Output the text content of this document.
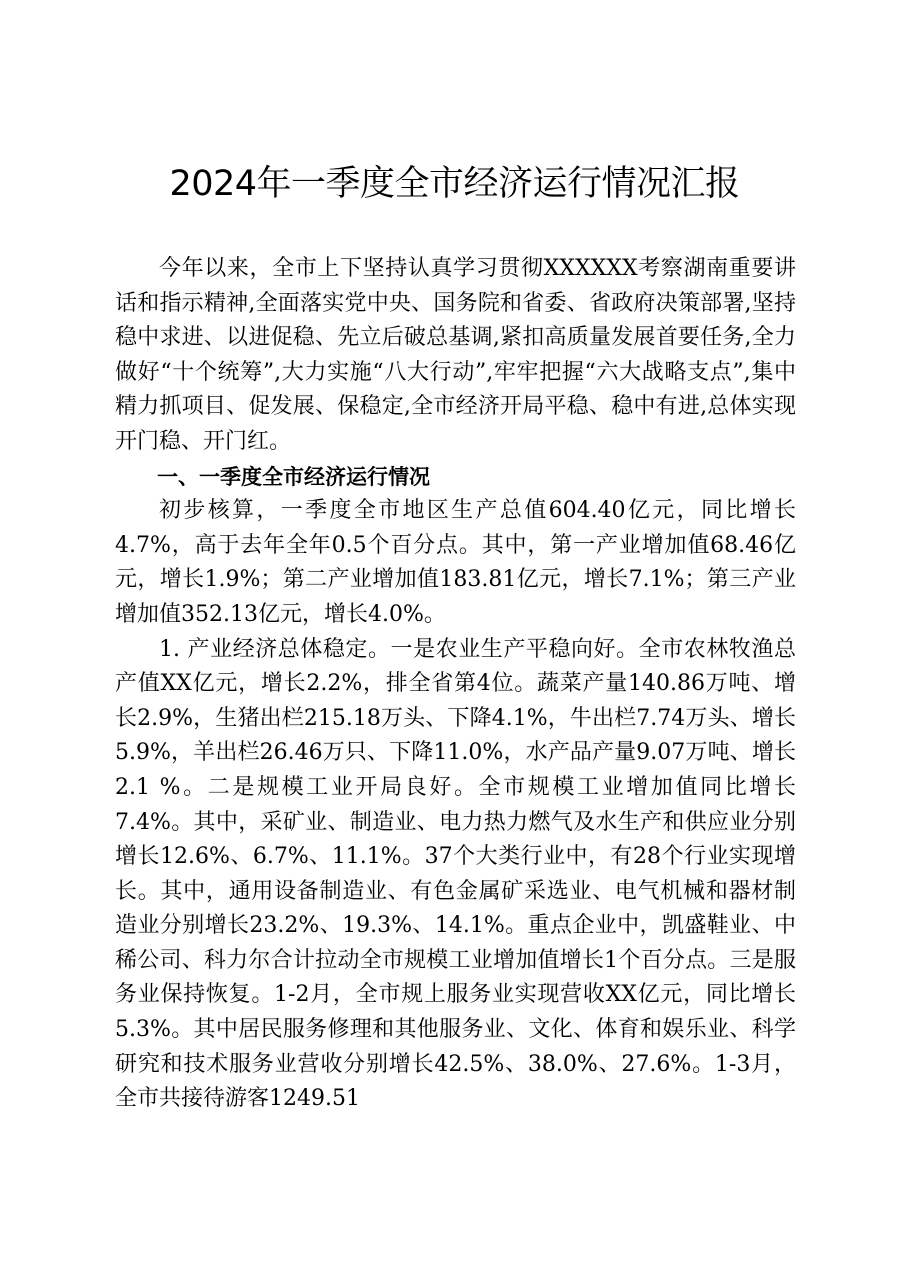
2024年一季度全市经济运行情况汇报

今年以来，全市上下坚持认真学习贯彻XXXXXX考察湖南重要讲话和指示精神,全面落实党中央、国务院和省委、省政府决策部署,坚持稳中求进、以进促稳、先立后破总基调,紧扣高质量发展首要任务,全力做好“十个统筹”,大力实施“八大行动”,牢牢把握“六大战略支点”,集中精力抓项目、促发展、保稳定,全市经济开局平稳、稳中有进,总体实现开门稳、开门红。

一、一季度全市经济运行情况

初步核算，一季度全市地区生产总值604.40亿元，同比增长4.7%，高于去年全年0.5个百分点。其中，第一产业增加值68.46亿元，增长1.9%；第二产业增加值183.81亿元，增长7.1%；第三产业增加值352.13亿元，增长4.0%。

1. 产业经济总体稳定。一是农业生产平稳向好。全市农林牧渔总产值XX亿元，增长2.2%，排全省第4位。蔬菜产量140.86万吨、增长2.9%，生猪出栏215.18万头、下降4.1%，牛出栏7.74万头、增长5.9%，羊出栏26.46万只、下降11.0%，水产品产量9.07万吨、增长 2.1 %。二是规模工业开局良好。全市规模工业增加值同比增长7.4%。其中，采矿业、制造业、电力热力燃气及水生产和供应业分别增长12.6%、6.7%、11.1%。37个大类行业中，有28个行业实现增长。其中，通用设备制造业、有色金属矿采选业、电气机械和器材制造业分别增长23.2%、19.3%、14.1%。重点企业中，凯盛鞋业、中稀公司、科力尔合计拉动全市规模工业增加值增长1个百分点。三是服务业保持恢复。1-2月，全市规上服务业实现营收XX亿元，同比增长5.3%。其中居民服务修理和其他服务业、文化、体育和娱乐业、科学研究和技术服务业营收分别增长42.5%、38.0%、27.6%。1-3月，全市共接待游客1249.51
